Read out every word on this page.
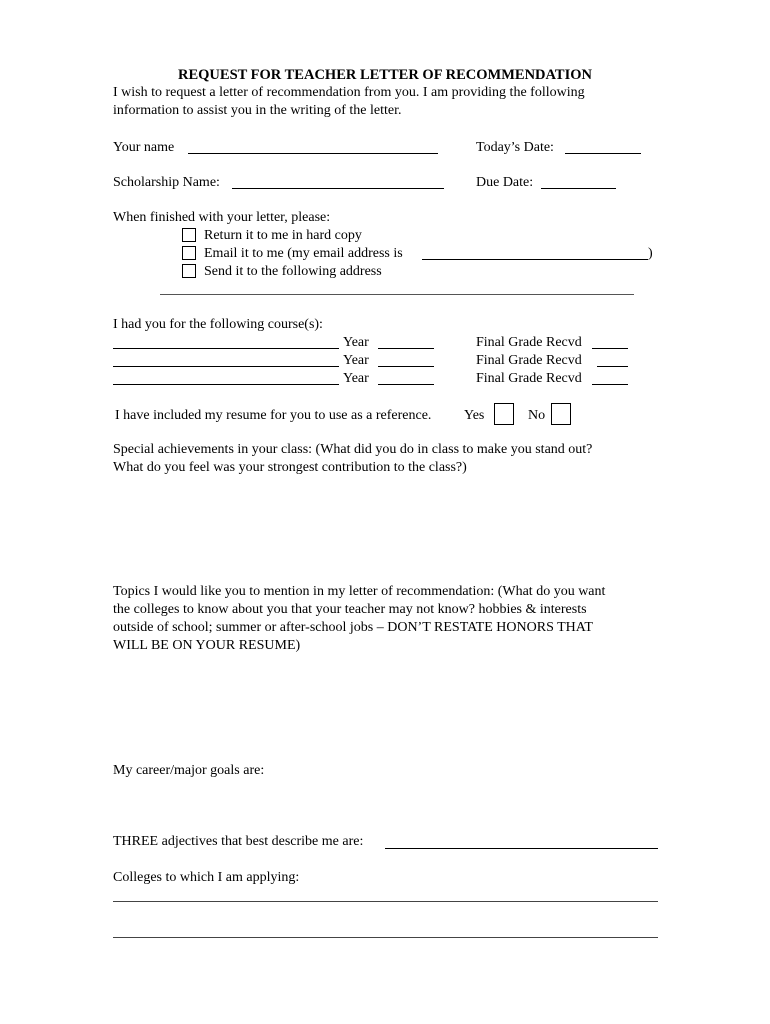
REQUEST FOR TEACHER LETTER OF RECOMMENDATION
I wish to request a letter of recommendation from you. I am providing the following
information to assist you in the writing of the letter.
Your name	Today’s Date:
Scholarship Name:	Due Date:
When finished with your letter, please:
Return it to me in hard copy
Email it to me (my email address is	)
Send it to the following address
I had you for the following course(s):
Year	Final Grade Recvd
Year	Final Grade Recvd
Year	Final Grade Recvd
I have included my resume for you to use as a reference. Yes	No
Special achievements in your class: (What did you do in class to make you stand out?
What do you feel was your strongest contribution to the class?)
Topics I would like you to mention in my letter of recommendation: (What do you want
the colleges to know about you that your teacher may not know? hobbies & interests
outside of school; summer or after-school jobs – DON’T RESTATE HONORS THAT
WILL BE ON YOUR RESUME)
My career/major goals are:
THREE adjectives that best describe me are:
Colleges to which I am applying:
